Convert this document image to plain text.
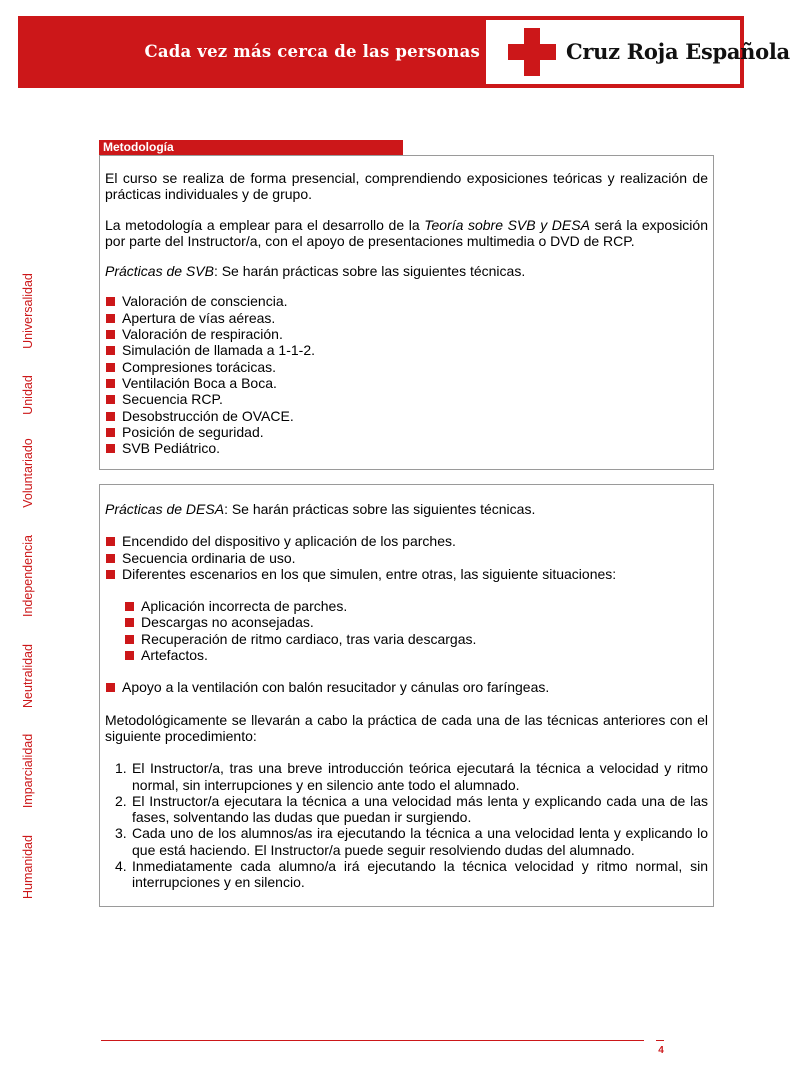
Cada vez más cerca de las personas	Cruz Roja Española
Humanidad
Imparcialidad
Neutralidad
Independencia
Voluntariado
Unidad
Universalidad
Metodología

El curso se realiza de forma presencial, comprendiendo exposiciones teóricas y realización de prácticas individuales y de grupo.

La metodología a emplear para el desarrollo de la Teoría sobre SVB y DESA será la exposición por parte del Instructor/a, con el apoyo de presentaciones multimedia o DVD de RCP.

Prácticas de SVB: Se harán prácticas sobre las siguientes técnicas.

Valoración de consciencia.
Apertura de vías aéreas.
Valoración de respiración.
Simulación de llamada a 1-1-2.
Compresiones torácicas.
Ventilación Boca a Boca.
Secuencia RCP.
Desobstrucción de OVACE.
Posición de seguridad.
SVB Pediátrico.

Prácticas de DESA: Se harán prácticas sobre las siguientes técnicas.

Encendido del dispositivo y aplicación de los parches.
Secuencia ordinaria de uso.
Diferentes escenarios en los que simulen, entre otras, las siguiente situaciones:
Aplicación incorrecta de parches.
Descargas no aconsejadas.
Recuperación de ritmo cardiaco, tras varia descargas.
Artefactos.
Apoyo a la ventilación con balón resucitador y cánulas oro faríngeas.

Metodológicamente se llevarán a cabo la práctica de cada una de las técnicas anteriores con el siguiente procedimiento:

1. El Instructor/a, tras una breve introducción teórica ejecutará la técnica a velocidad y ritmo normal, sin interrupciones y en silencio ante todo el alumnado.
2. El Instructor/a ejecutara la técnica a una velocidad más lenta y explicando cada una de las fases, solventando las dudas que puedan ir surgiendo.
3. Cada uno de los alumnos/as ira ejecutando la técnica a una velocidad lenta y explicando lo que está haciendo. El Instructor/a puede seguir resolviendo dudas del alumnado.
4. Inmediatamente cada alumno/a irá ejecutando la técnica velocidad y ritmo normal, sin interrupciones y en silencio.
4
